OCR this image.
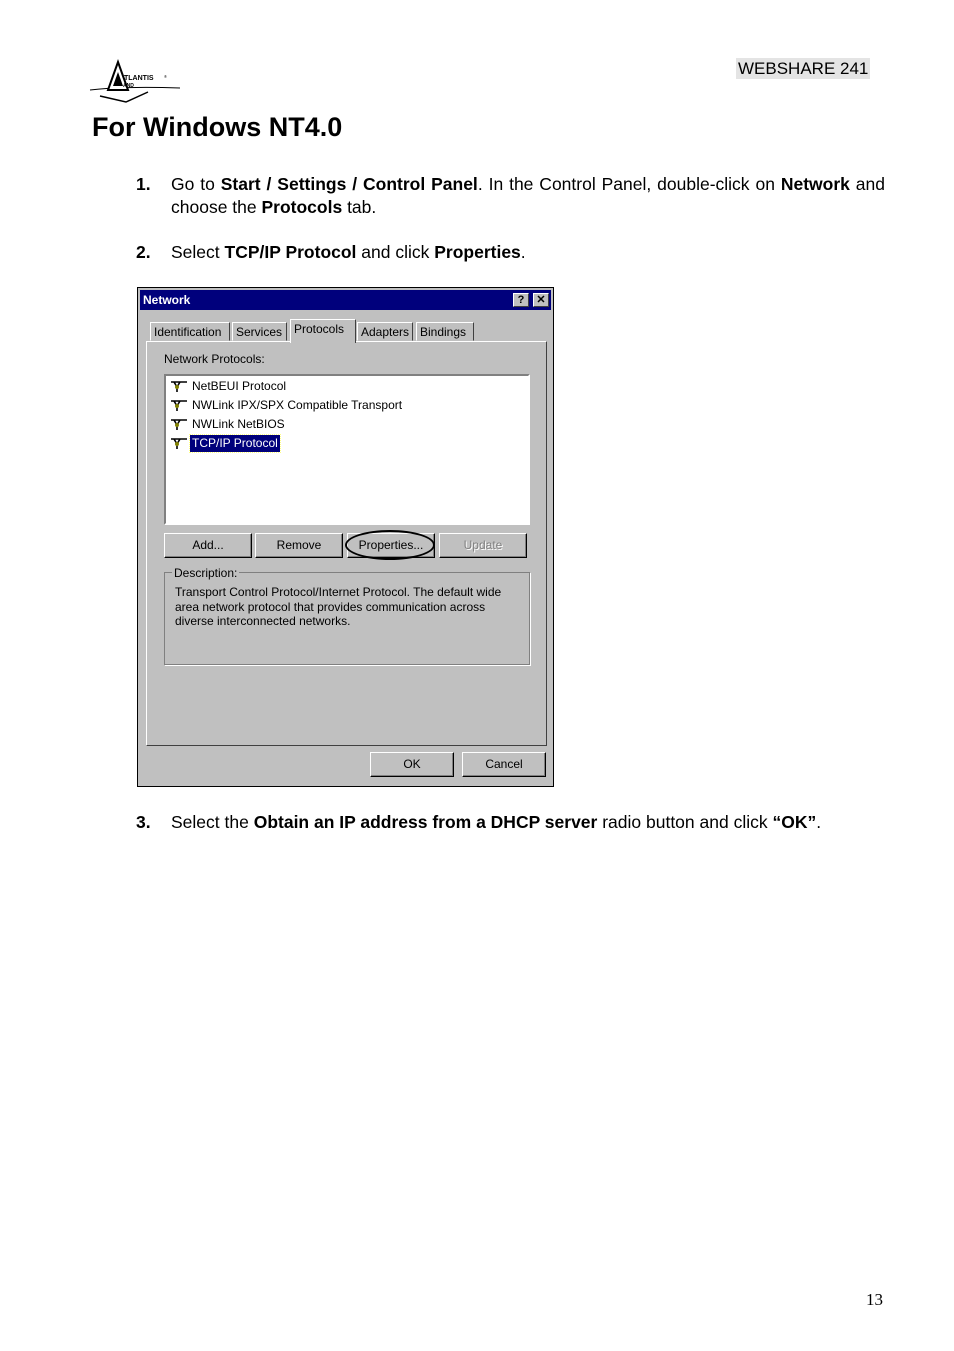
TLANTIS	®
AND
WEBSHARE 241
For Windows NT4.0
1. Go to Start / Settings / Control Panel. In the Control Panel, double-click on Network and choose the Protocols tab.
2. Select TCP/IP Protocol and click Properties.
Network	?	✕
Identification	Services Protocols	Adapters Bindings
Network Protocols:
NetBEUI Protocol
NWLink IPX/SPX Compatible Transport
NWLink NetBIOS
TCP/IP Protocol
Add...	Remove	Properties...	Update
Description:
Transport Control Protocol/Internet Protocol. The default wide area network protocol that provides communication across diverse interconnected networks.
OK	Cancel
3. Select the Obtain an IP address from a DHCP server radio button and click “OK”.
13
